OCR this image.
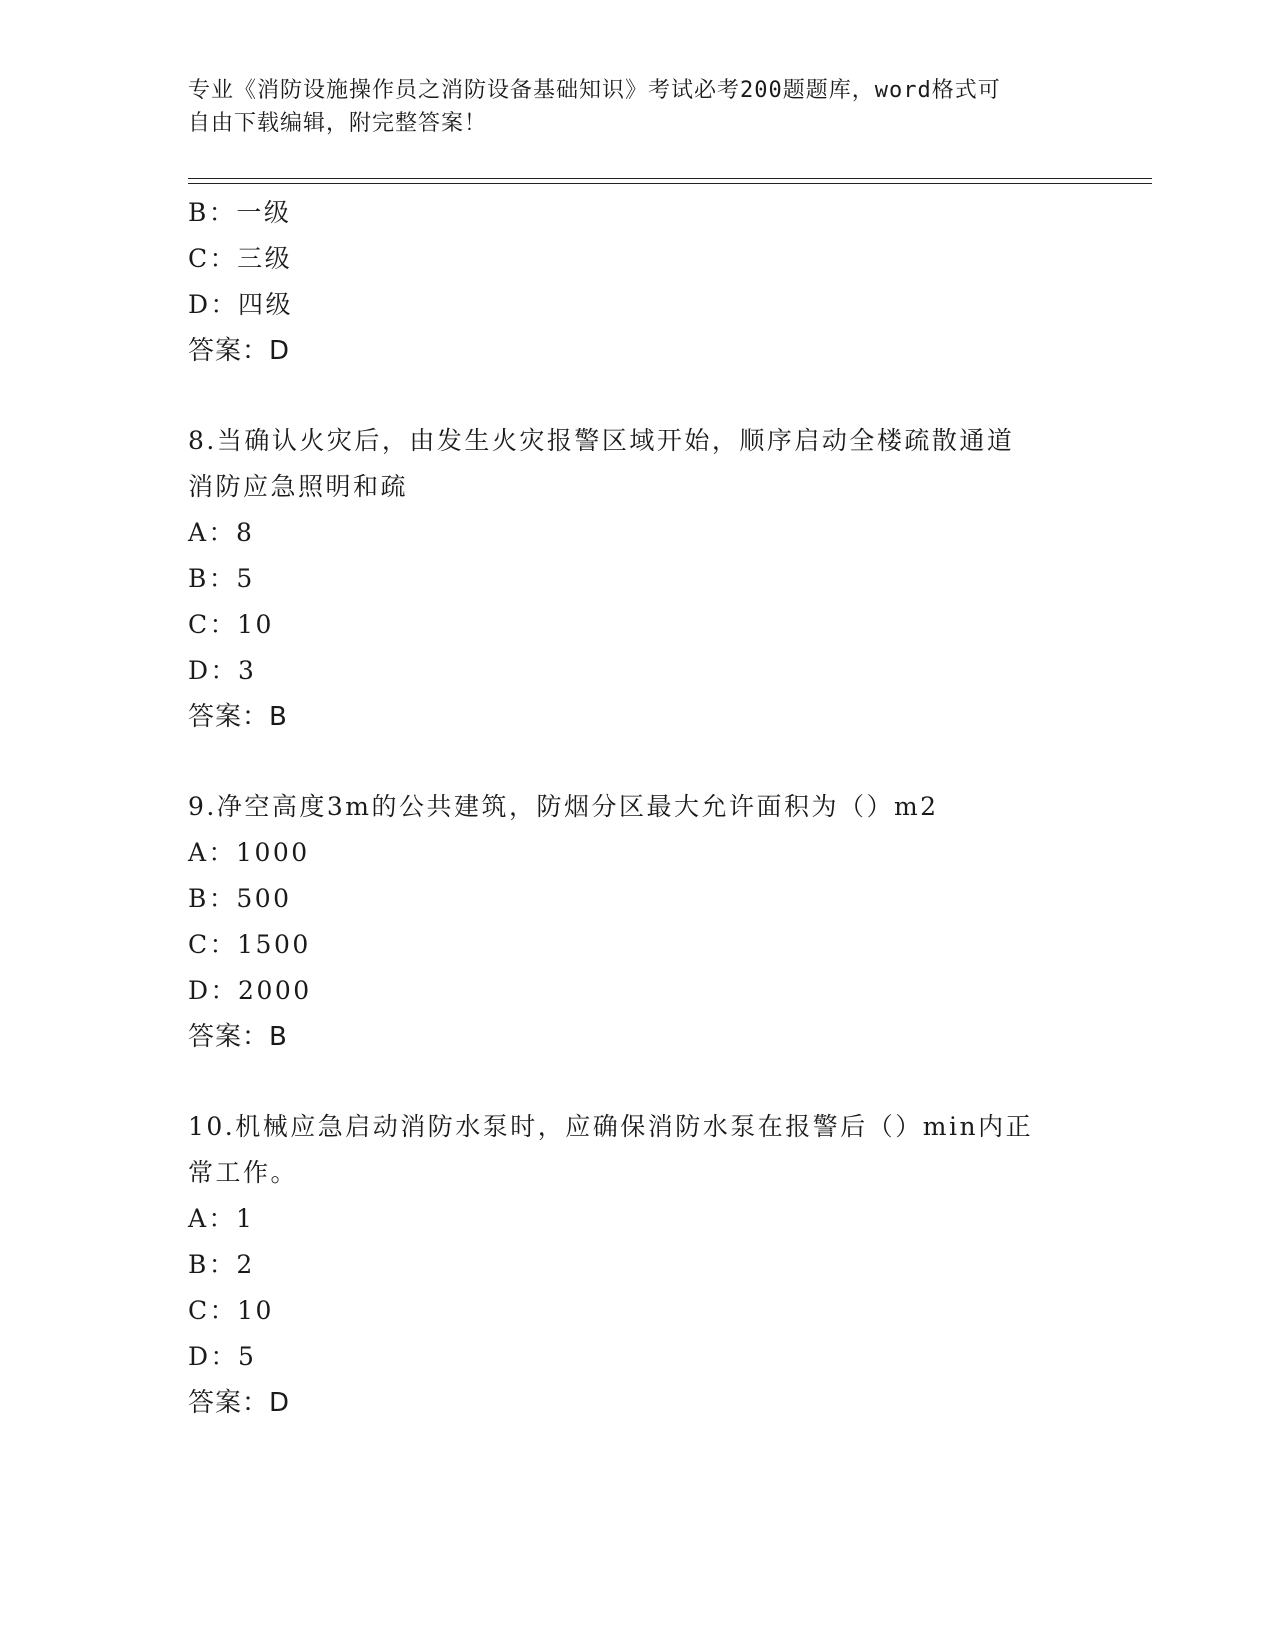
专业《消防设施操作员之消防设备基础知识》考试必考200题题库，word格式可
自由下载编辑，附完整答案！
B：一级
C：三级
D：四级
答案：D
8.当确认火灾后，由发生火灾报警区域开始，顺序启动全楼疏散通道
消防应急照明和疏
A：8
B：5
C：10
D：3
答案：B
9.净空高度3m的公共建筑，防烟分区最大允许面积为（）m2
A：1000
B：500
C：1500
D：2000
答案：B
10.机械应急启动消防水泵时，应确保消防水泵在报警后（）min内正
常工作。
A：1
B：2
C：10
D：5
答案：D
